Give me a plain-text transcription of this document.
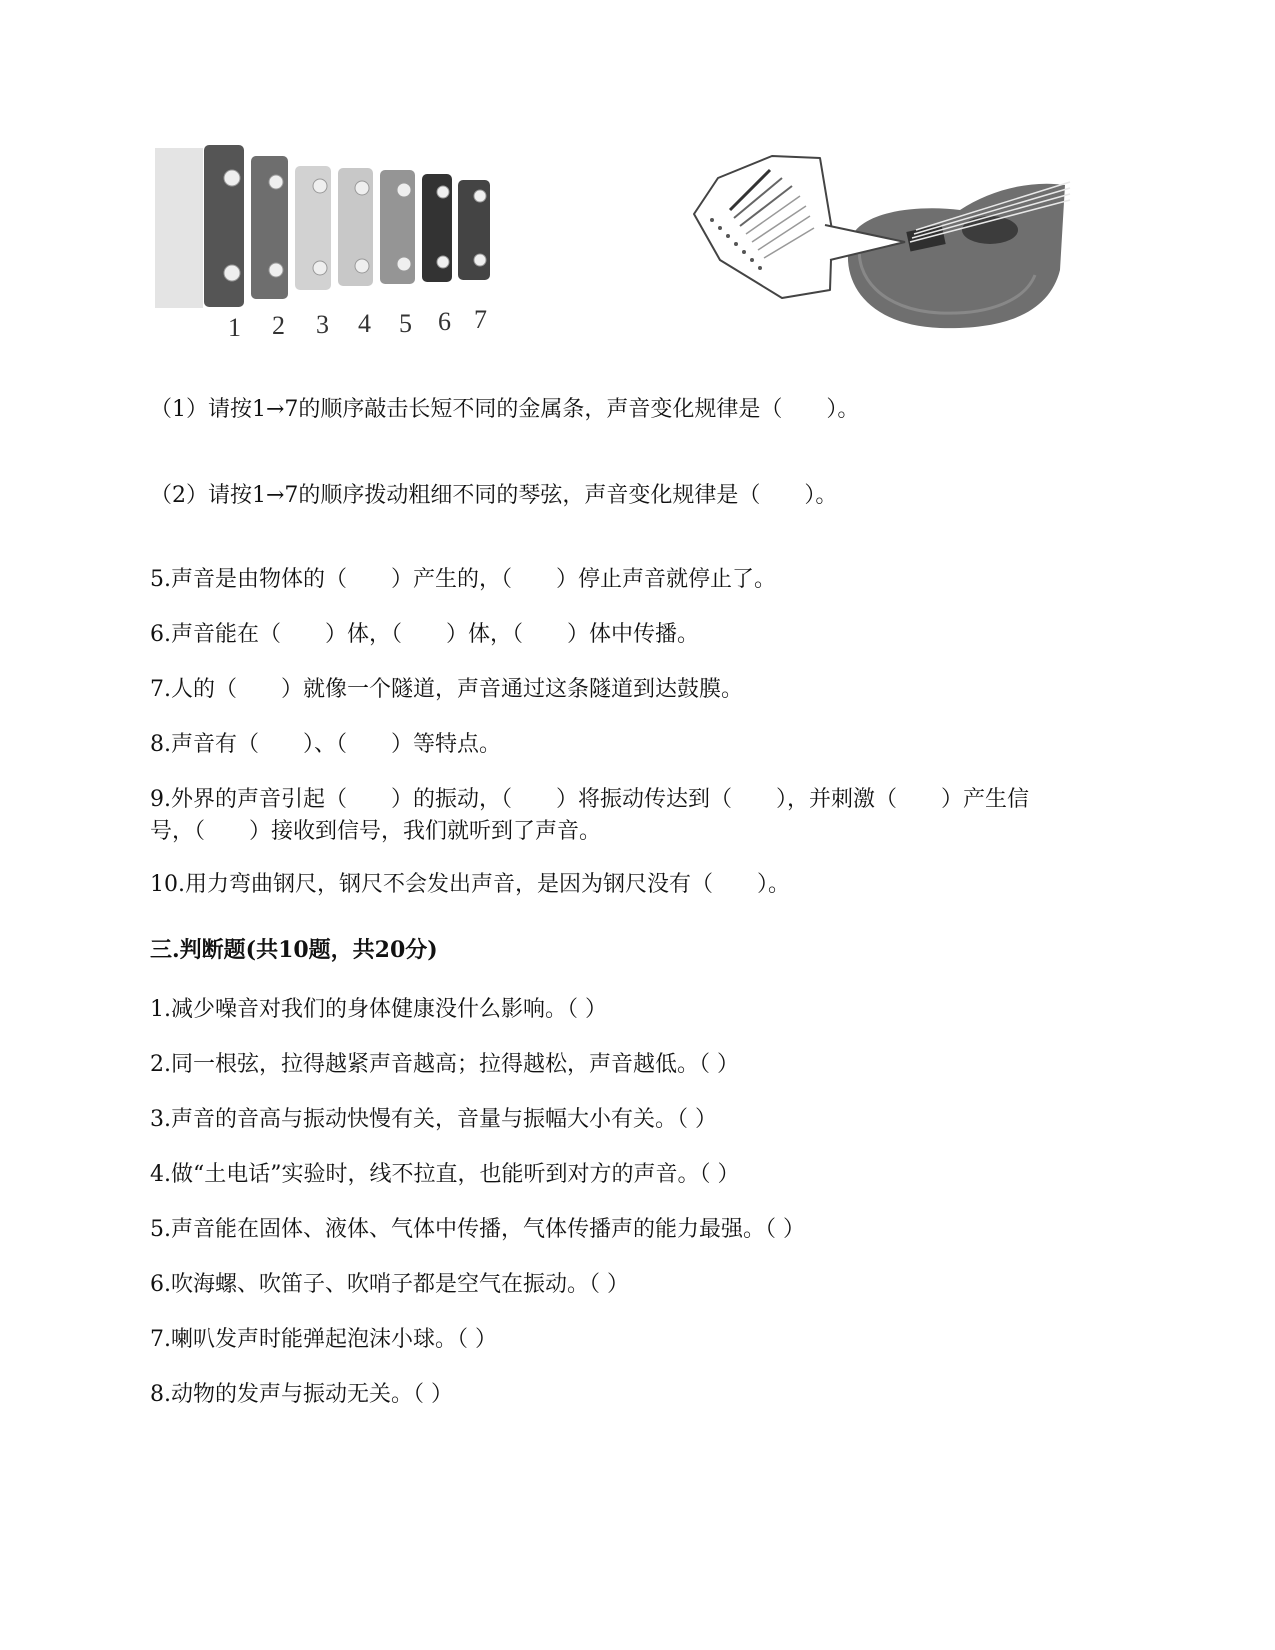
1 2 3 4 5 6 7
（1）请按1→7的顺序敲击长短不同的金属条，声音变化规律是（　　）。
（2）请按1→7的顺序拨动粗细不同的琴弦，声音变化规律是（　　）。
5.声音是由物体的（　　）产生的，（　　）停止声音就停止了。
6.声音能在（　　）体，（　　）体，（　　）体中传播。
7.人的（　　）就像一个隧道，声音通过这条隧道到达鼓膜。
8.声音有（　　）、（　　）等特点。
9.外界的声音引起（　　）的振动，（　　）将振动传达到（　　），并刺激（　　）产生信号，（　　）接收到信号，我们就听到了声音。
10.用力弯曲钢尺，钢尺不会发出声音，是因为钢尺没有（　　）。
三.判断题(共10题，共20分)
1.减少噪音对我们的身体健康没什么影响。（ ）
2.同一根弦，拉得越紧声音越高；拉得越松，声音越低。（ ）
3.声音的音高与振动快慢有关，音量与振幅大小有关。（ ）
4.做“土电话”实验时，线不拉直，也能听到对方的声音。（ ）
5.声音能在固体、液体、气体中传播，气体传播声的能力最强。（ ）
6.吹海螺、吹笛子、吹哨子都是空气在振动。（ ）
7.喇叭发声时能弹起泡沫小球。（ ）
8.动物的发声与振动无关。（ ）
